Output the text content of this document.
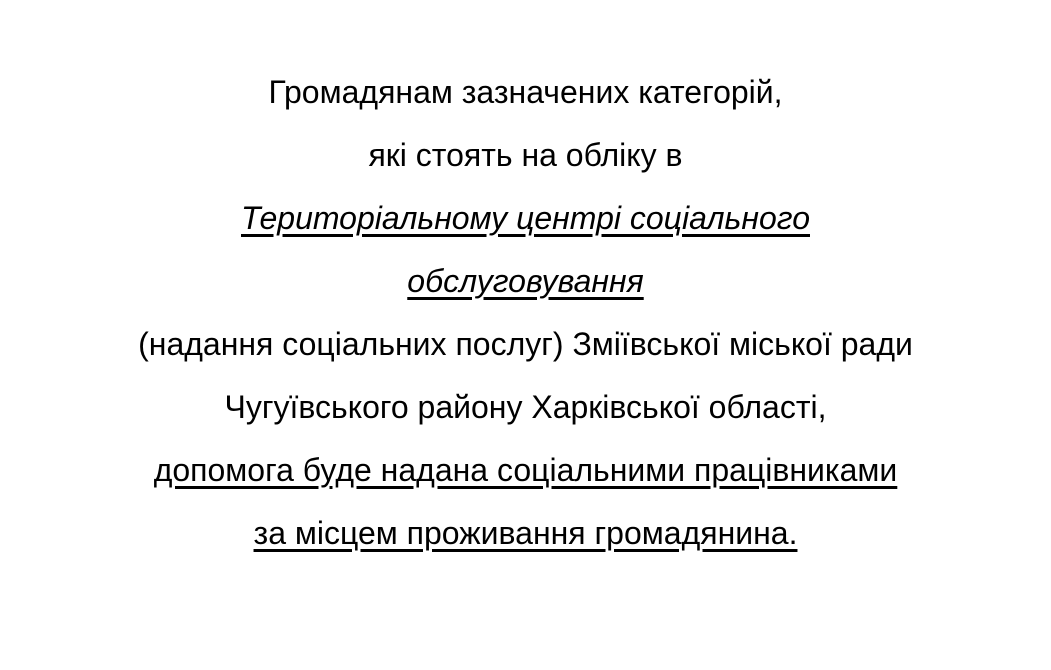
Громадянам зазначених категорій,

які стоять на обліку в

Територіальному центрі соціального

обслуговування

(надання соціальних послуг) Зміївської міської ради

Чугуївського району Харківської області,

допомога буде надана соціальними працівниками

за місцем проживання громадянина.
